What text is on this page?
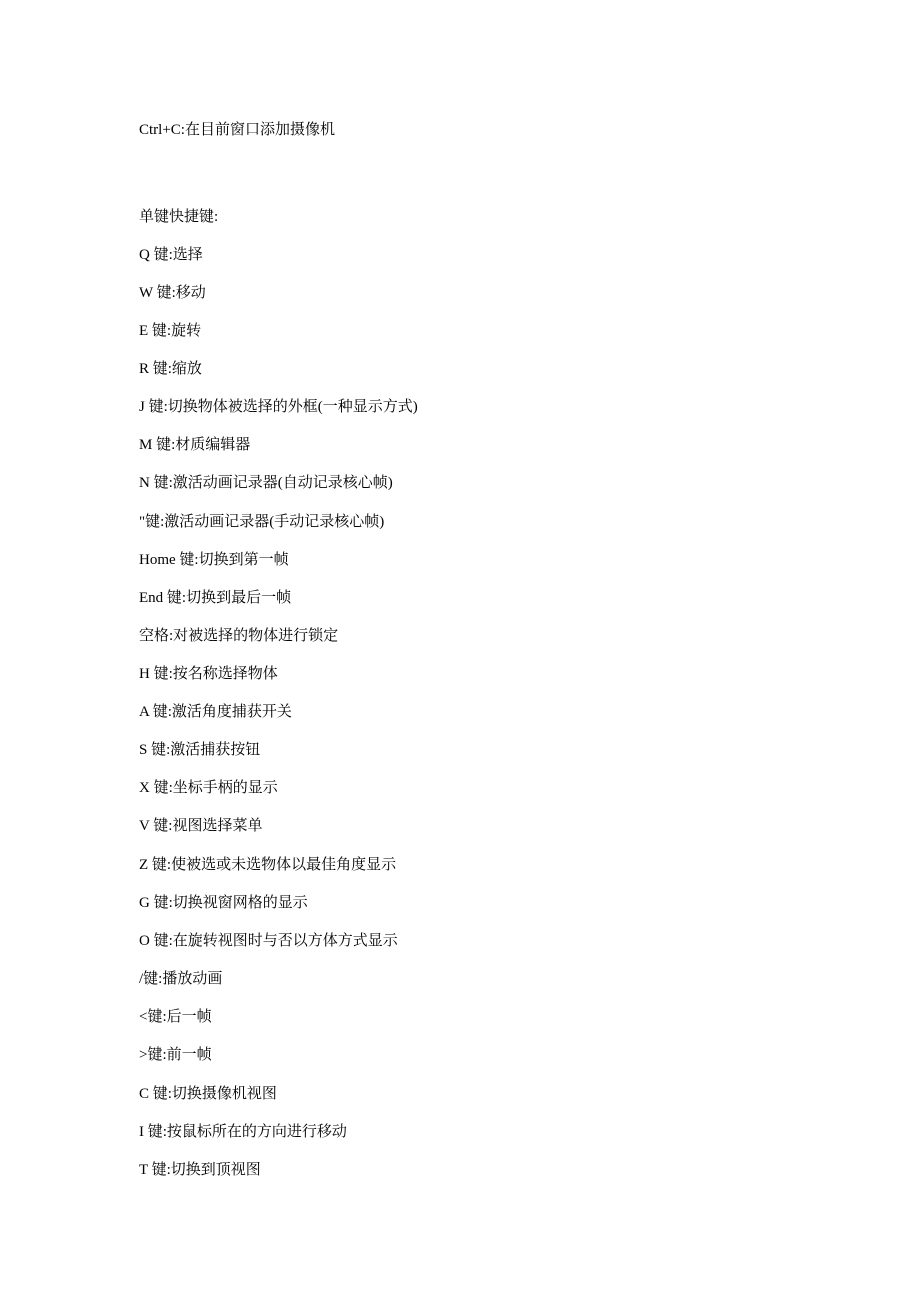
Ctrl+C:在目前窗口添加摄像机

单键快捷键:

Q 键:选择

W 键:移动

E 键:旋转

R 键:缩放

J 键:切换物体被选择的外框(一种显示方式)

M 键:材质编辑器

N 键:激活动画记录器(自动记录核心帧)

"键:激活动画记录器(手动记录核心帧)

Home 键:切换到第一帧

End 键:切换到最后一帧

空格:对被选择的物体进行锁定

H 键:按名称选择物体

A 键:激活角度捕获开关

S 键:激活捕获按钮

X 键:坐标手柄的显示

V 键:视图选择菜单

Z 键:使被选或未选物体以最佳角度显示

G 键:切换视窗网格的显示

O 键:在旋转视图时与否以方体方式显示

/键:播放动画

<键:后一帧

>键:前一帧

C 键:切换摄像机视图

I 键:按鼠标所在的方向进行移动

T 键:切换到顶视图
